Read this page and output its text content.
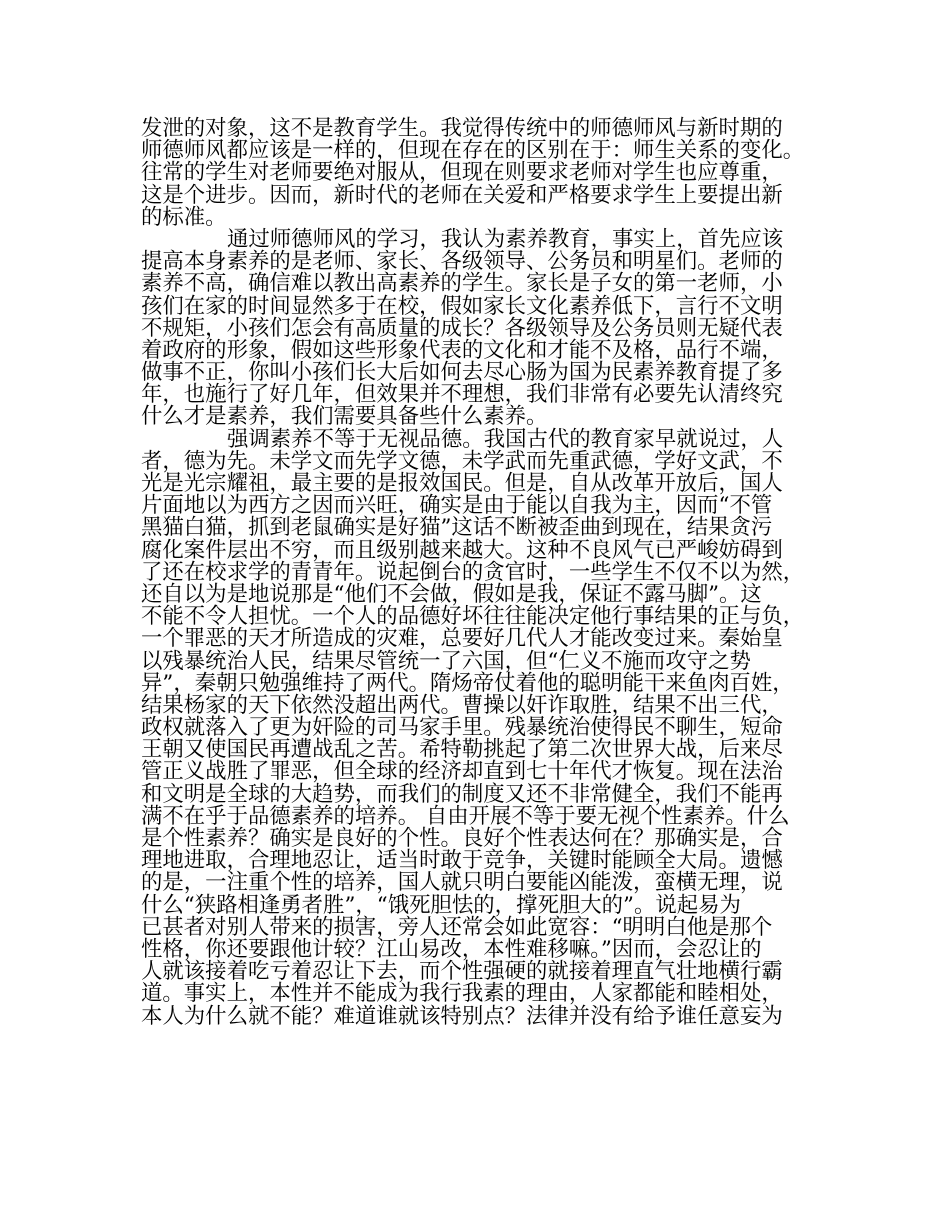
发泄的对象，这不是教育学生。我觉得传统中的师德师风与新时期的
师德师风都应该是一样的，但现在存在的区别在于：师生关系的变化。
往常的学生对老师要绝对服从，但现在则要求老师对学生也应尊重，
这是个进步。因而，新时代的老师在关爱和严格要求学生上要提出新
的标准。
通过师德师风的学习，我认为素养教育，事实上，首先应该
提高本身素养的是老师、家长、各级领导、公务员和明星们。老师的
素养不高，确信难以教出高素养的学生。家长是子女的第一老师，小
孩们在家的时间显然多于在校，假如家长文化素养低下，言行不文明
不规矩，小孩们怎会有高质量的成长？各级领导及公务员则无疑代表
着政府的形象，假如这些形象代表的文化和才能不及格，品行不端，
做事不正，你叫小孩们长大后如何去尽心肠为国为民素养教育提了多
年，也施行了好几年，但效果并不理想，我们非常有必要先认清终究
什么才是素养，我们需要具备些什么素养。
强调素养不等于无视品德。我国古代的教育家早就说过，人
者，德为先。未学文而先学文德，未学武而先重武德，学好文武，不
光是光宗耀祖，最主要的是报效国民。但是，自从改革开放后，国人
片面地以为西方之因而兴旺，确实是由于能以自我为主，因而“不管
黑猫白猫，抓到老鼠确实是好猫”这话不断被歪曲到现在，结果贪污
腐化案件层出不穷，而且级别越来越大。这种不良风气已严峻妨碍到
了还在校求学的青青年。说起倒台的贪官时，一些学生不仅不以为然，
还自以为是地说那是“他们不会做，假如是我，保证不露马脚”。这
不能不令人担忧。一个人的品德好坏往往能决定他行事结果的正与负，
一个罪恶的天才所造成的灾难，总要好几代人才能改变过来。秦始皇
以残暴统治人民，结果尽管统一了六国，但“仁义不施而攻守之势
异”，秦朝只勉强维持了两代。隋炀帝仗着他的聪明能干来鱼肉百姓，
结果杨家的天下依然没超出两代。曹操以奸诈取胜，结果不出三代，
政权就落入了更为奸险的司马家手里。残暴统治使得民不聊生，短命
王朝又使国民再遭战乱之苦。希特勒挑起了第二次世界大战，后来尽
管正义战胜了罪恶，但全球的经济却直到七十年代才恢复。现在法治
和文明是全球的大趋势，而我们的制度又还不非常健全，我们不能再
满不在乎于品德素养的培养。 自由开展不等于要无视个性素养。什么
是个性素养？确实是良好的个性。良好个性表达何在？那确实是，合
理地进取，合理地忍让，适当时敢于竞争，关键时能顾全大局。遗憾
的是，一注重个性的培养，国人就只明白要能凶能泼，蛮横无理，说
什么“狭路相逢勇者胜”，“饿死胆怯的，撑死胆大的”。说起易为
已甚者对别人带来的损害，旁人还常会如此宽容：“明明白他是那个
性格，你还要跟他计较？江山易改，本性难移嘛。”因而，会忍让的
人就该接着吃亏着忍让下去，而个性强硬的就接着理直气壮地横行霸
道。事实上，本性并不能成为我行我素的理由，人家都能和睦相处，
本人为什么就不能？难道谁就该特别点？法律并没有给予谁任意妄为
